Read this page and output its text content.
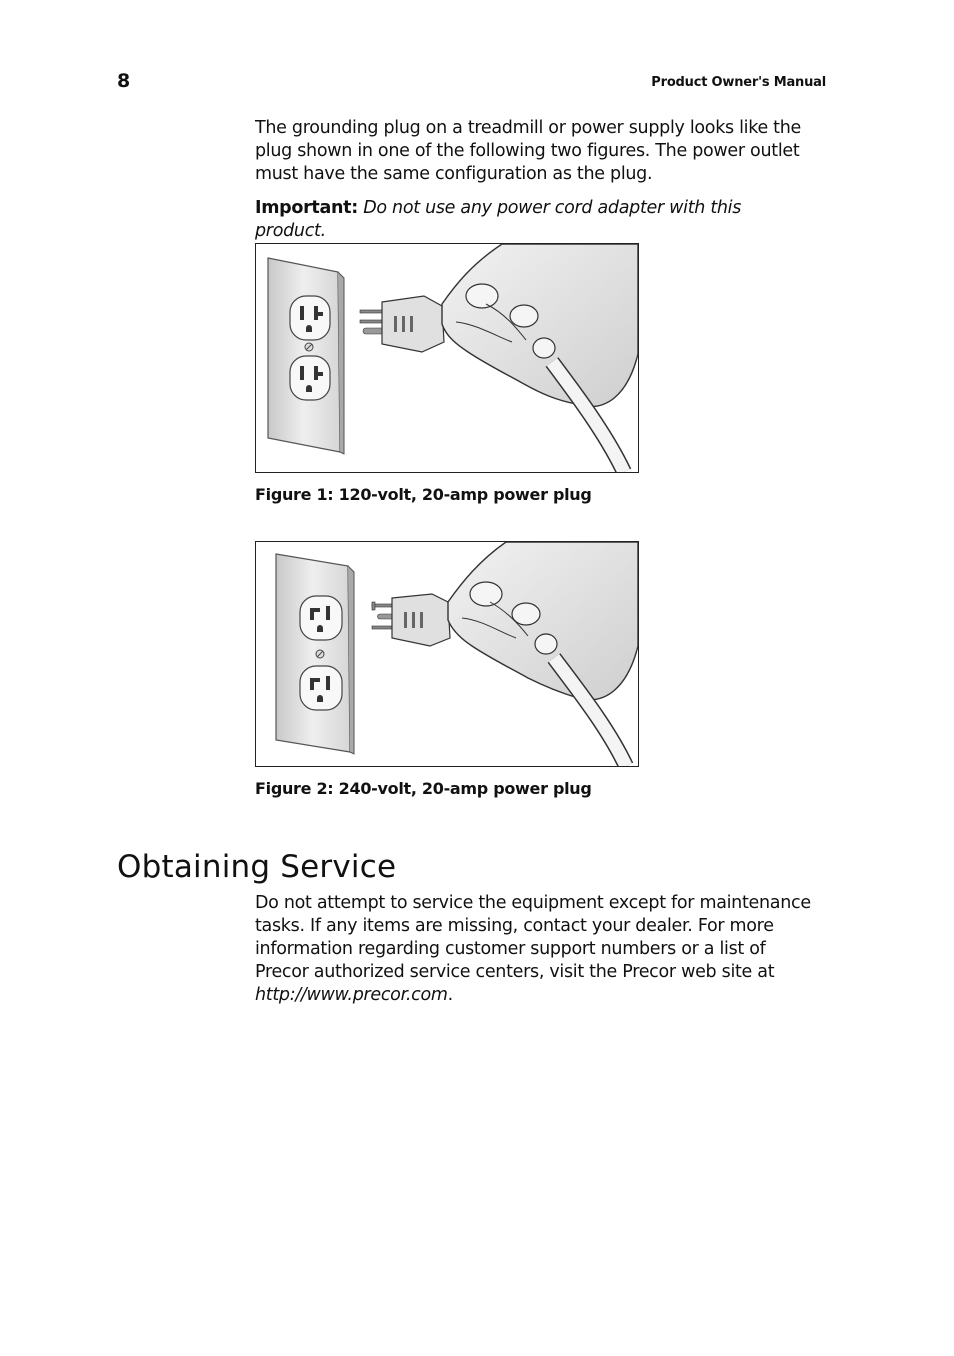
8	Product Owner's Manual

The grounding plug on a treadmill or power supply looks like the plug shown in one of the following two figures. The power outlet must have the same configuration as the plug.

Important: Do not use any power cord adapter with this product.

Figure 1: 120-volt, 20-amp power plug
Figure 2: 240-volt, 20-amp power plug
Obtaining Service

Do not attempt to service the equipment except for maintenance tasks. If any items are missing, contact your dealer. For more information regarding customer support numbers or a list of Precor authorized service centers, visit the Precor web site at http://www.precor.com.
